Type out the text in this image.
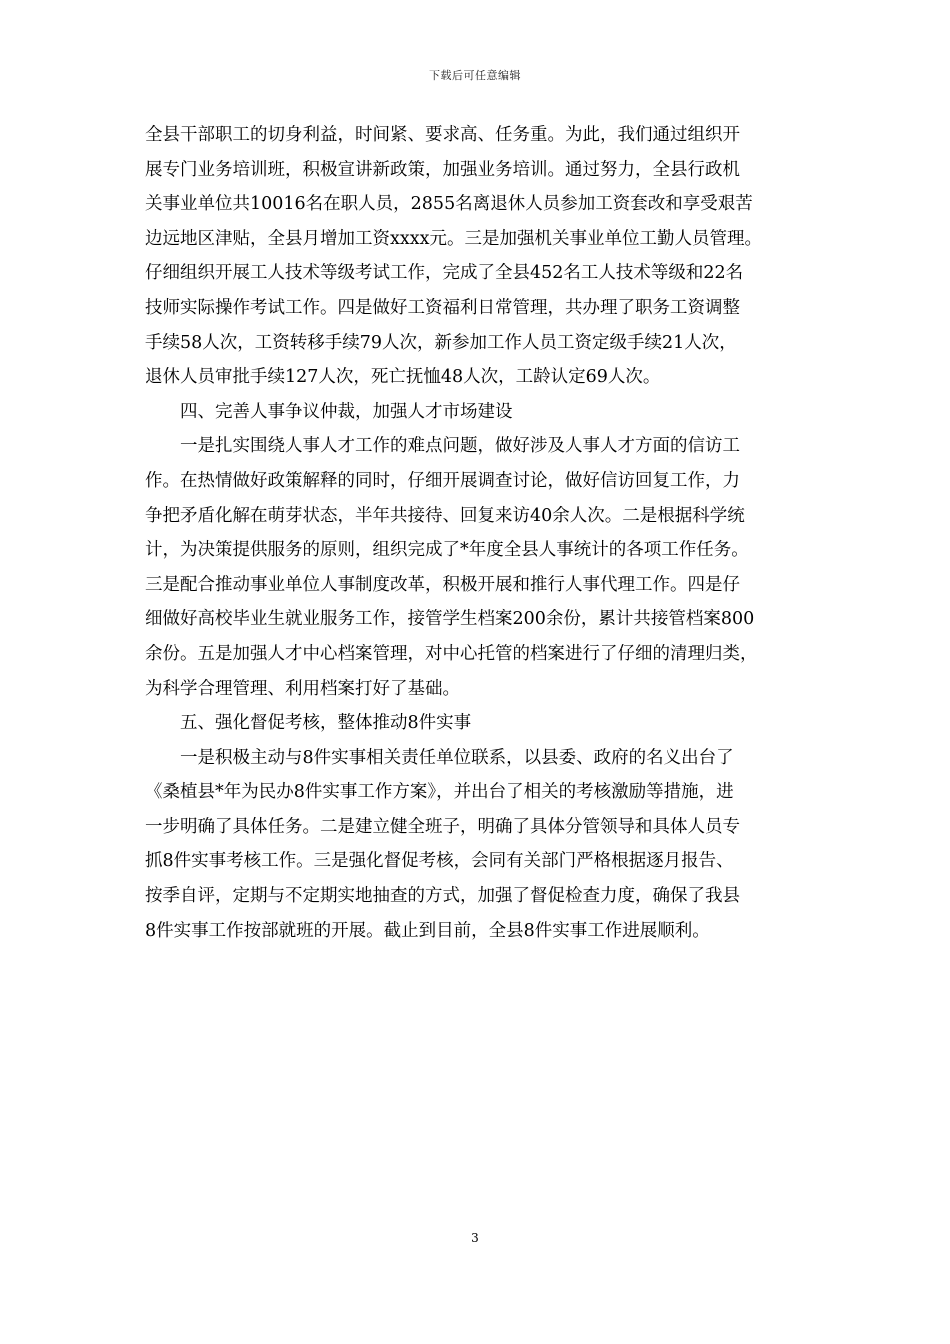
下载后可任意编辑
全县干部职工的切身利益，时间紧、要求高、任务重。为此，我们通过组织开
展专门业务培训班，积极宣讲新政策，加强业务培训。通过努力，全县行政机
关事业单位共10016名在职人员，2855名离退休人员参加工资套改和享受艰苦
边远地区津贴，全县月增加工资xxxx元。三是加强机关事业单位工勤人员管理。
仔细组织开展工人技术等级考试工作，完成了全县452名工人技术等级和22名
技师实际操作考试工作。四是做好工资福利日常管理，共办理了职务工资调整
手续58人次，工资转移手续79人次，新参加工作人员工资定级手续21人次，
退休人员审批手续127人次，死亡抚恤48人次，工龄认定69人次。
四、完善人事争议仲裁，加强人才市场建设
一是扎实围绕人事人才工作的难点问题，做好涉及人事人才方面的信访工
作。在热情做好政策解释的同时，仔细开展调查讨论，做好信访回复工作，力
争把矛盾化解在萌芽状态，半年共接待、回复来访40余人次。二是根据科学统
计，为决策提供服务的原则，组织完成了*年度全县人事统计的各项工作任务。
三是配合推动事业单位人事制度改革，积极开展和推行人事代理工作。四是仔
细做好高校毕业生就业服务工作，接管学生档案200余份，累计共接管档案800
余份。五是加强人才中心档案管理，对中心托管的档案进行了仔细的清理归类，
为科学合理管理、利用档案打好了基础。
五、强化督促考核，整体推动8件实事
一是积极主动与8件实事相关责任单位联系，以县委、政府的名义出台了
《桑植县*年为民办8件实事工作方案》，并出台了相关的考核激励等措施，进
一步明确了具体任务。二是建立健全班子，明确了具体分管领导和具体人员专
抓8件实事考核工作。三是强化督促考核，会同有关部门严格根据逐月报告、
按季自评，定期与不定期实地抽查的方式，加强了督促检查力度，确保了我县
8件实事工作按部就班的开展。截止到目前，全县8件实事工作进展顺利。
3
